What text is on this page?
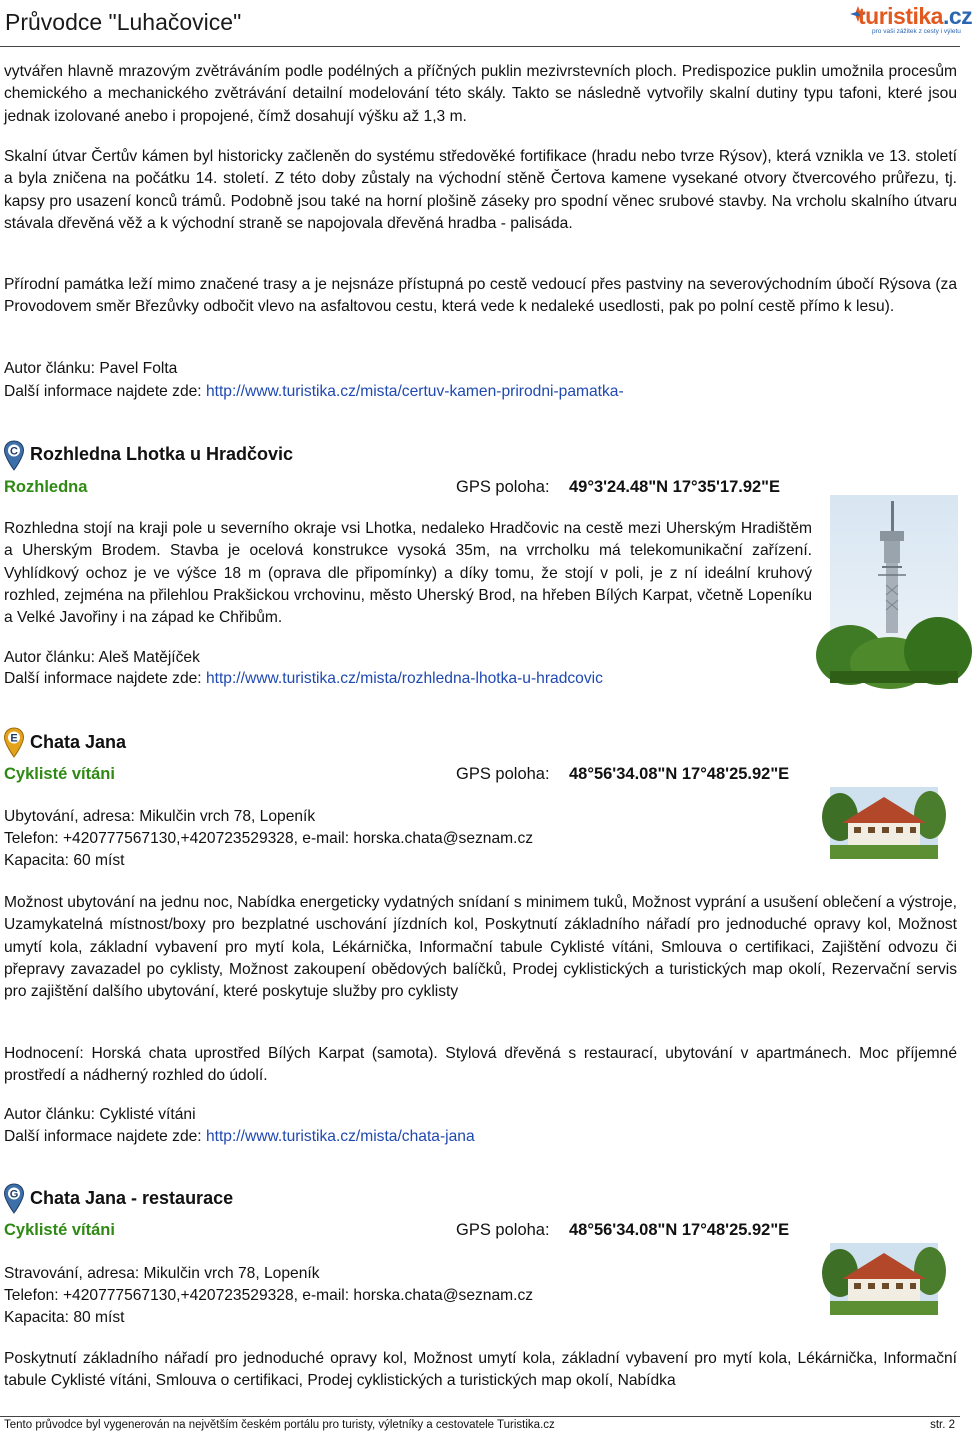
Průvodce "Luhačovice"	turistika.cz
pro vaši zážitek z cesty i výletu

vytvářen hlavně mrazovým zvětráváním podle podélných a příčných puklin mezivrstevních ploch. Predispozice puklin umožnila procesům chemického a mechanického zvětrávání detailní modelování této skály. Takto se následně vytvořily skalní dutiny typu tafoni, které jsou jednak izolované anebo i propojené, čímž dosahují výšku až 1,3 m.

Skalní útvar Čertův kámen byl historicky začleněn do systému středověké fortifikace (hradu nebo tvrze Rýsov), která vznikla ve 13. století a byla zničena na počátku 14. století. Z této doby zůstaly na východní stěně Čertova kamene vysekané otvory čtvercového průřezu, tj. kapsy pro usazení konců trámů. Podobně jsou také na horní plošině záseky pro spodní věnec srubové stavby. Na vrcholu skalního útvaru stávala dřevěná věž a k východní straně se napojovala dřevěná hradba - palisáda.

Přírodní památka leží mimo značené trasy a je nejsnáze přístupná po cestě vedoucí přes pastviny na severovýchodním úbočí Rýsova (za Provodovem směr Březůvky odbočit vlevo na asfaltovou cestu, která vede k nedaleké usedlosti, pak po polní cestě přímo k lesu).

Autor článku: Pavel Folta
Další informace najdete zde: http://www.turistika.cz/mista/certuv-kamen-prirodni-pamatka-
C Rozhledna Lhotka u Hradčovic
Rozhledna	GPS poloha: 49°3'24.48"N 17°35'17.92"E

Rozhledna stojí na kraji pole u severního okraje vsi Lhotka, nedaleko Hradčovic na cestě mezi Uherským Hradištěm a Uherským Brodem. Stavba je ocelová konstrukce vysoká 35m, na vrrcholku má telekomunikační zařízení. Vyhlídkový ochoz je ve výšce 18 m (oprava dle připomínky) a díky tomu, že stojí v poli, je z ní ideální kruhový rozhled, zejména na přilehlou Prakšickou vrchovinu, město Uherský Brod, na hřeben Bílých Karpat, včetně Lopeníku a Velké Javořiny i na západ ke Chřibům.

Autor článku: Aleš Matějíček
Další informace najdete zde: http://www.turistika.cz/mista/rozhledna-lhotka-u-hradcovic
E Chata Jana
Cyklisté vítáni	GPS poloha: 48°56'34.08"N 17°48'25.92"E
Ubytování, adresa: Mikulčin vrch 78, Lopeník
Telefon: +420777567130,+420723529328, e-mail: horska.chata@seznam.cz
Kapacita: 60 míst

Možnost ubytování na jednu noc, Nabídka energeticky vydatných snídaní s minimem tuků, Možnost vyprání a usušení oblečení a výstroje, Uzamykatelná místnost/boxy pro bezplatné uschování jízdních kol, Poskytnutí základního nářadí pro jednoduché opravy kol, Možnost umytí kola, základní vybavení pro mytí kola, Lékárnička, Informační tabule Cyklisté vítáni, Smlouva o certifikaci, Zajištění odvozu či přepravy zavazadel po cyklisty, Možnost zakoupení obědových balíčků, Prodej cyklistických a turistických map okolí, Rezervační servis pro zajištění dalšího ubytování, které poskytuje služby pro cyklisty

Hodnocení: Horská chata uprostřed Bílých Karpat (samota). Stylová dřevěná s restaurací, ubytování v apartmánech. Moc příjemné prostředí a nádherný rozhled do údolí.

Autor článku: Cyklisté vítáni
Další informace najdete zde: http://www.turistika.cz/mista/chata-jana
G Chata Jana - restaurace
Cyklisté vítáni	GPS poloha: 48°56'34.08"N 17°48'25.92"E
Stravování, adresa: Mikulčin vrch 78, Lopeník
Telefon: +420777567130,+420723529328, e-mail: horska.chata@seznam.cz
Kapacita: 80 míst

Poskytnutí základního nářadí pro jednoduché opravy kol, Možnost umytí kola, základní vybavení pro mytí kola, Lékárnička, Informační tabule Cyklisté vítáni, Smlouva o certifikaci, Prodej cyklistických a turistických map okolí, Nabídka

Tento průvodce byl vygenerován na největším českém portálu pro turisty, výletníky a cestovatele Turistika.cz	str. 2
